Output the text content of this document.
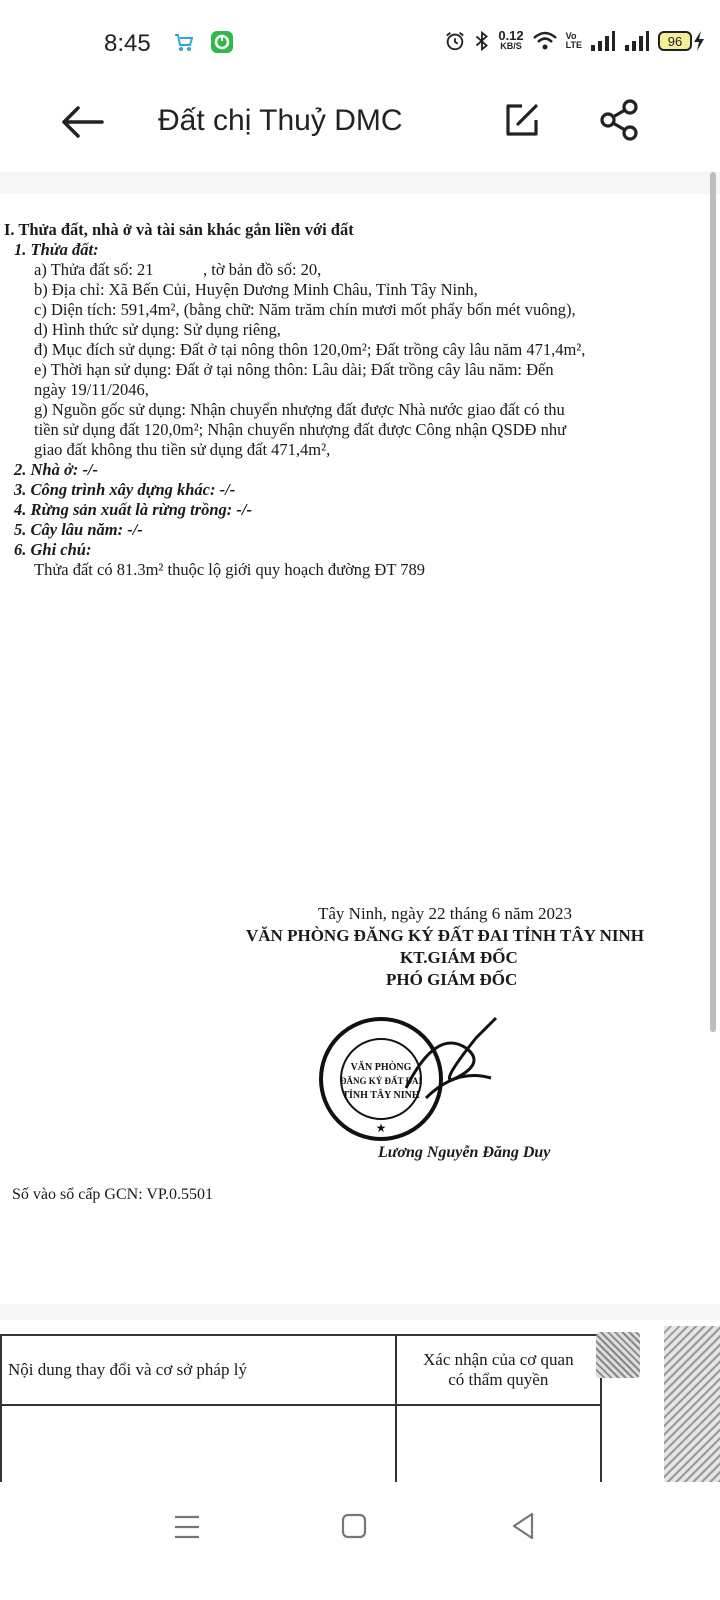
8:45	0.12
KB/S
Vo
LTE	96
Đất chị Thuỷ DMC
I. Thửa đất, nhà ở và tài sản khác gắn liền với đất
1. Thửa đất:
a) Thửa đất số: 21            , tờ bản đồ số: 20,
b) Địa chỉ: Xã Bến Củi, Huyện Dương Minh Châu, Tỉnh Tây Ninh,
c) Diện tích: 591,4m², (bằng chữ: Năm trăm chín mươi mốt phẩy bốn mét vuông),
d) Hình thức sử dụng: Sử dụng riêng,
đ) Mục đích sử dụng: Đất ở tại nông thôn 120,0m²; Đất trồng cây lâu năm 471,4m²,
e) Thời hạn sử dụng: Đất ở tại nông thôn: Lâu dài; Đất trồng cây lâu năm: Đến
ngày 19/11/2046,
g) Nguồn gốc sử dụng: Nhận chuyển nhượng đất được Nhà nước giao đất có thu
tiền sử dụng đất 120,0m²; Nhận chuyển nhượng đất được Công nhận QSDĐ như
giao đất không thu tiền sử dụng đất 471,4m²,
2. Nhà ở: -/-
3. Công trình xây dựng khác: -/-
4. Rừng sản xuất là rừng trồng: -/-
5. Cây lâu năm: -/-
6. Ghi chú:
Thửa đất có 81.3m² thuộc lộ giới quy hoạch đường ĐT 789
Tây Ninh, ngày 22 tháng 6 năm 2023
VĂN PHÒNG ĐĂNG KÝ ĐẤT ĐAI TỈNH TÂY NINH
KT.GIÁM ĐỐC
PHÓ GIÁM ĐỐC
VĂN PHÒNG
ĐĂNG KÝ ĐẤT ĐAI
TỈNH TÂY NINH
★
Lương Nguyễn Đăng Duy
Số vào sổ cấp GCN: VP.0.5501
Nội dung thay đổi và cơ sở pháp lý	Xác nhận của cơ quan
có thẩm quyền
